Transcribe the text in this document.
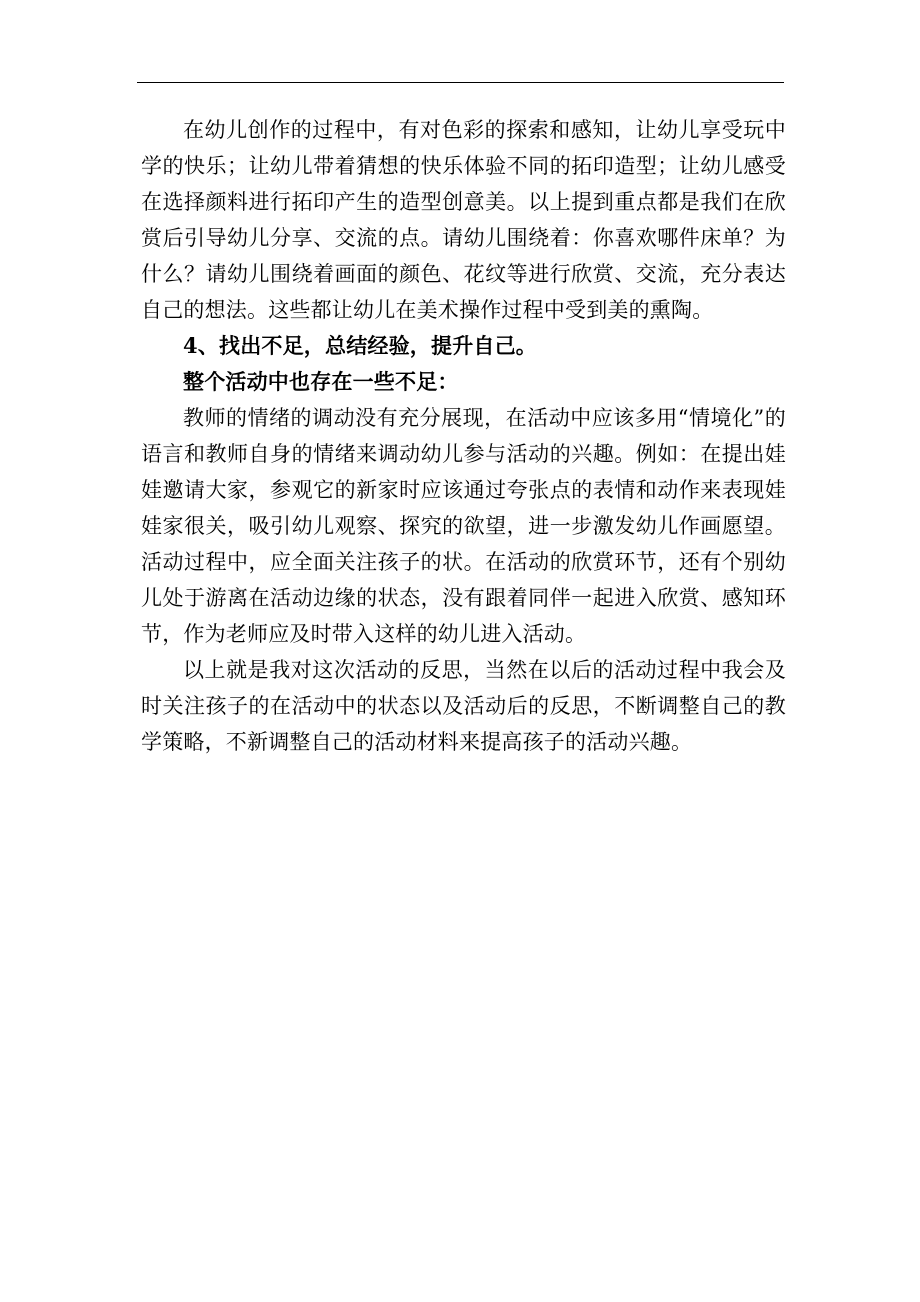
在幼儿创作的过程中，有对色彩的探索和感知，让幼儿享受玩中学的快乐；让幼儿带着猜想的快乐体验不同的拓印造型；让幼儿感受在选择颜料进行拓印产生的造型创意美。以上提到重点都是我们在欣赏后引导幼儿分享、交流的点。请幼儿围绕着：你喜欢哪件床单？为什么？请幼儿围绕着画面的颜色、花纹等进行欣赏、交流，充分表达自己的想法。这些都让幼儿在美术操作过程中受到美的熏陶。

4、找出不足，总结经验，提升自己。

整个活动中也存在一些不足：

教师的情绪的调动没有充分展现，在活动中应该多用“情境化”的语言和教师自身的情绪来调动幼儿参与活动的兴趣。例如：在提出娃娃邀请大家，参观它的新家时应该通过夸张点的表情和动作来表现娃娃家很关，吸引幼儿观察、探究的欲望，进一步激发幼儿作画愿望。活动过程中，应全面关注孩子的状。在活动的欣赏环节，还有个别幼儿处于游离在活动边缘的状态，没有跟着同伴一起进入欣赏、感知环节，作为老师应及时带入这样的幼儿进入活动。

以上就是我对这次活动的反思，当然在以后的活动过程中我会及时关注孩子的在活动中的状态以及活动后的反思，不断调整自己的教学策略，不新调整自己的活动材料来提高孩子的活动兴趣。
